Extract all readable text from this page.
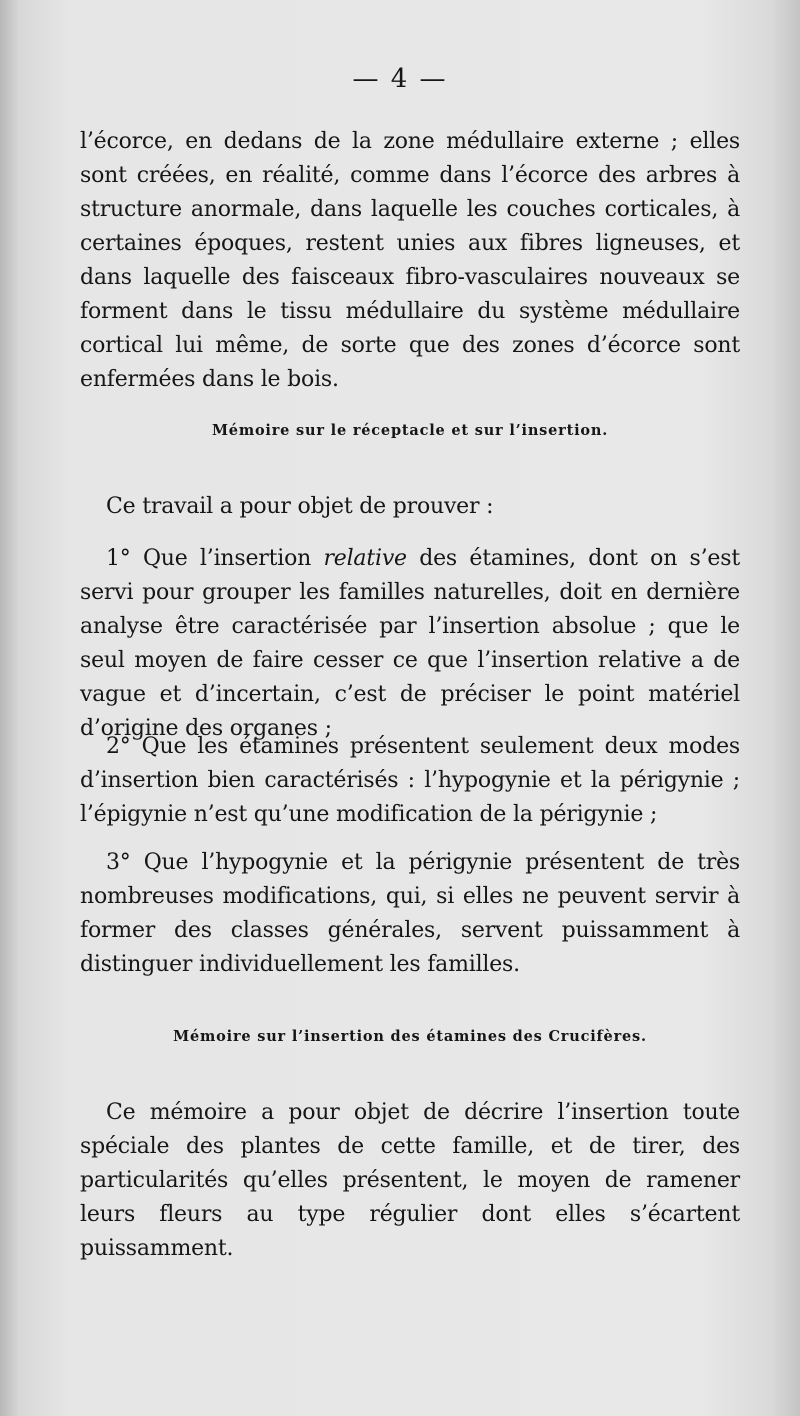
— 4 —

l’écorce, en dedans de la zone médullaire externe ; elles sont créées, en réalité, comme dans l’écorce des arbres à structure anormale, dans laquelle les couches corticales, à certaines époques, restent unies aux fibres ligneuses, et dans laquelle des faisceaux fibro-vasculaires nouveaux se forment dans le tissu médullaire du système médullaire cortical lui même, de sorte que des zones d’écorce sont enfermées dans le bois.

Mémoire sur le réceptacle et sur l’insertion.

Ce travail a pour objet de prouver :

1° Que l’insertion relative des étamines, dont on s’est servi pour grouper les familles naturelles, doit en dernière analyse être caractérisée par l’insertion absolue ; que le seul moyen de faire cesser ce que l’insertion relative a de vague et d’incertain, c’est de préciser le point matériel d’origine des organes ;

2° Que les étamines présentent seulement deux modes d’insertion bien caractérisés : l’hypogynie et la périgynie ; l’épigynie n’est qu’une modification de la périgynie ;

3° Que l’hypogynie et la périgynie présentent de très nombreuses modifications, qui, si elles ne peuvent servir à former des classes générales, servent puissamment à distinguer individuellement les familles.

Mémoire sur l’insertion des étamines des Crucifères.

Ce mémoire a pour objet de décrire l’insertion toute spéciale des plantes de cette famille, et de tirer, des particularités qu’elles présentent, le moyen de ramener leurs fleurs au type régulier dont elles s’écartent puissamment.
